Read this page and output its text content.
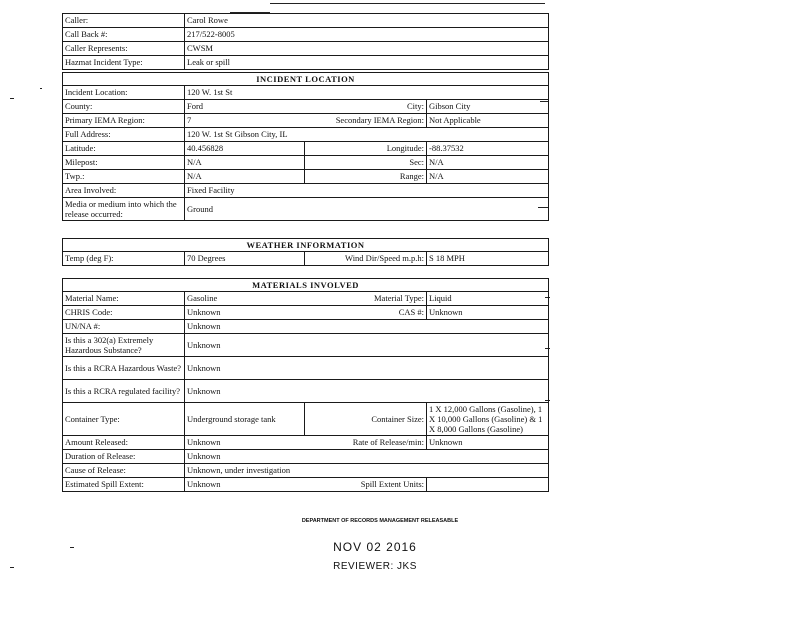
Caller:	Carol Rowe
Call Back #:	217/522-8005
Caller Represents:	CWSM
Hazmat Incident Type:	Leak or spill
INCIDENT LOCATION			
Incident Location:	120 W. 1st St		
County:	Ford	City:	Gibson City
Primary IEMA Region:	7	Secondary IEMA Region:	Not Applicable
Full Address:	120 W. 1st St Gibson City, IL		
Latitude:	40.456828	Longitude:	-88.37532
Milepost:	N/A	Sec:	N/A
Twp.:	N/A	Range:	N/A
Area Involved:	Fixed Facility		
Media or medium into which the release occurred:	Ground		
WEATHER INFORMATION
Temp (deg F):	70 Degrees	Wind Dir/Speed m.p.h:	S 18 MPH
MATERIALS INVOLVED			
Material Name:	Gasoline	Material Type:	Liquid
CHRIS Code:	Unknown	CAS #:	Unknown
UN/NA #:	Unknown		
Is this a 302(a) Extremely Hazardous Substance?	Unknown		
Is this a RCRA Hazardous Waste?	Unknown		
Is this a RCRA regulated facility?	Unknown		
Container Type:	Underground storage tank	Container Size:	1 X 12,000 Gallons (Gasoline), 1 X 10,000 Gallons (Gasoline) & 1 X 8,000 Gallons (Gasoline)
Amount Released:	Unknown	Rate of Release/min:	Unknown
Duration of Release:	Unknown		
Cause of Release:	Unknown, under investigation		
Estimated Spill Extent:	Unknown	Spill Extent Units:	
DEPARTMENT OF RECORDS MANAGEMENT RELEASABLE
NOV 02 2016
REVIEWER: JKS
